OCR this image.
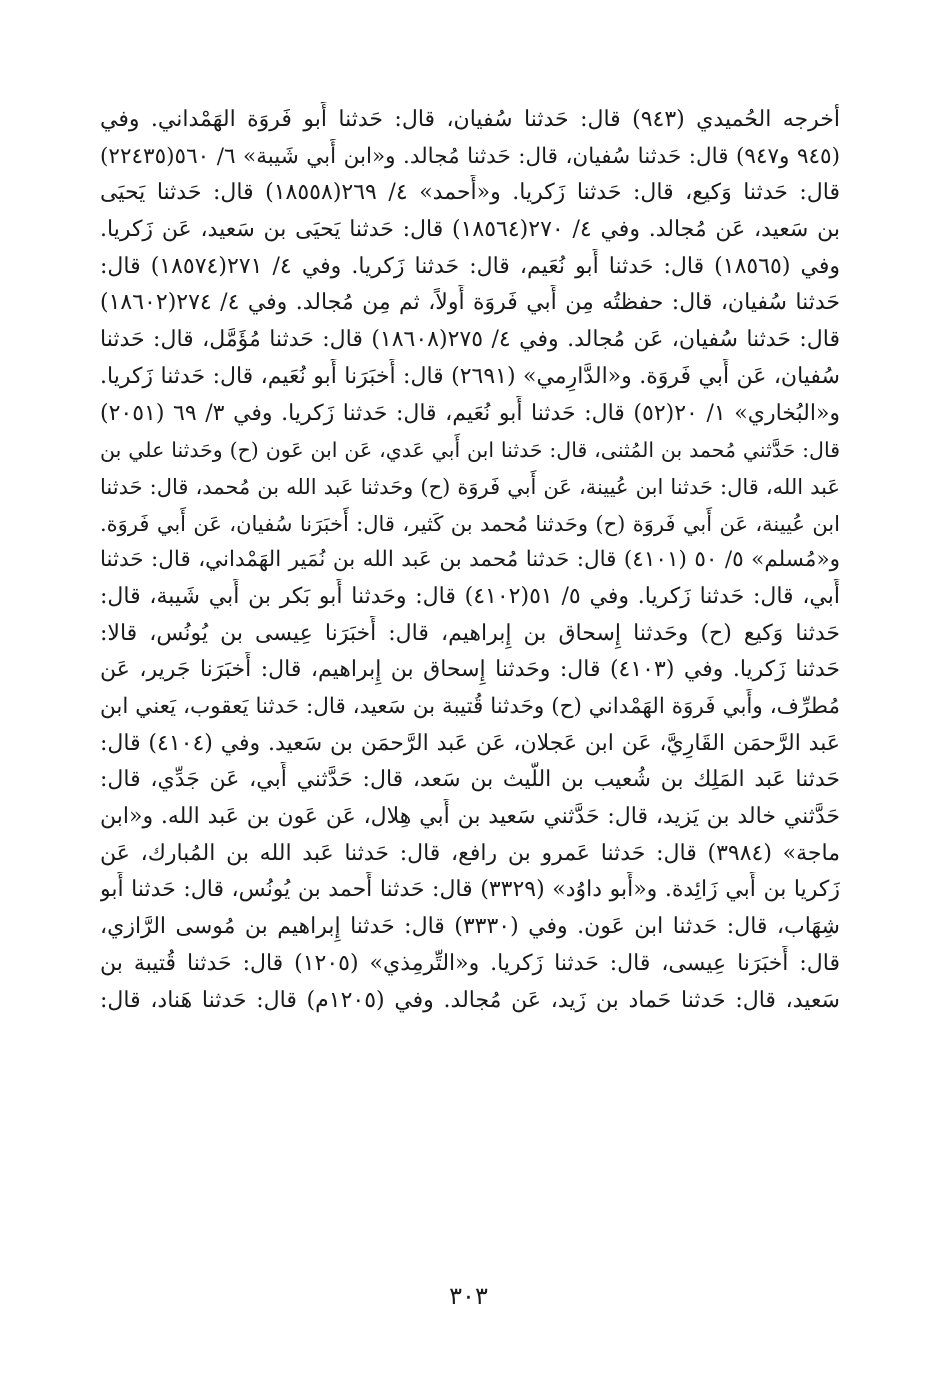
أخرجه الحُميدي (٩٤٣) قال: حَدثنا سُفيان، قال: حَدثنا أَبو فَروَة الهَمْداني. وفي
(٩٤٥ و٩٤٧) قال: حَدثنا سُفيان، قال: حَدثنا مُجالد. و«ابن أَبي شَيبة» ٦/ ٥٦٠(٢٢٤٣٥)
قال: حَدثنا وَكيع، قال: حَدثنا زَكريا. و«أَحمد» ٤/ ٢٦٩(١٨٥٥٨) قال: حَدثنا يَحيَى
بن سَعيد، عَن مُجالد. وفي ٤/ ٢٧٠(١٨٥٦٤) قال: حَدثنا يَحيَى بن سَعيد، عَن زَكريا.
وفي (١٨٥٦٥) قال: حَدثنا أَبو نُعَيم، قال: حَدثنا زَكريا. وفي ٤/ ٢٧١(١٨٥٧٤) قال:
حَدثنا سُفيان، قال: حفظتُه مِن أَبي فَروَة أَولاً، ثم مِن مُجالد. وفي ٤/ ٢٧٤(١٨٦٠٢)
قال: حَدثنا سُفيان، عَن مُجالد. وفي ٤/ ٢٧٥(١٨٦٠٨) قال: حَدثنا مُؤَمَّل، قال: حَدثنا
سُفيان، عَن أَبي فَروَة. و«الدَّارِمي» (٢٦٩١) قال: أَخبَرَنا أَبو نُعَيم، قال: حَدثنا زَكريا.
و«البُخاري» ١/ ٢٠(٥٢) قال: حَدثنا أَبو نُعَيم، قال: حَدثنا زَكريا. وفي ٣/ ٦٩ (٢٠٥١)
قال: حَدَّثني مُحمد بن المُثنى، قال: حَدثنا ابن أَبي عَدي، عَن ابن عَون (ح) وحَدثنا علي بن
عَبد الله، قال: حَدثنا ابن عُيينة، عَن أَبي فَروَة (ح) وحَدثنا عَبد الله بن مُحمد، قال: حَدثنا
ابن عُيينة، عَن أَبي فَروَة (ح) وحَدثنا مُحمد بن كَثير، قال: أَخبَرَنا سُفيان، عَن أَبي فَروَة.
و«مُسلم» ٥/ ٥٠ (٤١٠١) قال: حَدثنا مُحمد بن عَبد الله بن نُمَير الهَمْداني، قال: حَدثنا
أَبي، قال: حَدثنا زَكريا. وفي ٥/ ٥١(٤١٠٢) قال: وحَدثنا أَبو بَكر بن أَبي شَيبة، قال:
حَدثنا وَكيع (ح) وحَدثنا إِسحاق بن إِبراهيم، قال: أَخبَرَنا عِيسى بن يُونُس، قالا:
حَدثنا زَكريا. وفي (٤١٠٣) قال: وحَدثنا إِسحاق بن إِبراهيم، قال: أَخبَرَنا جَرير، عَن
مُطرِّف، وأَبي فَروَة الهَمْداني (ح) وحَدثنا قُتيبة بن سَعيد، قال: حَدثنا يَعقوب، يَعني ابن
عَبد الرَّحمَن القَارِيَّ، عَن ابن عَجلان، عَن عَبد الرَّحمَن بن سَعيد. وفي (٤١٠٤) قال:
حَدثنا عَبد المَلِك بن شُعيب بن اللَّيث بن سَعد، قال: حَدَّثني أَبي، عَن جَدِّي، قال:
حَدَّثني خالد بن يَزيد، قال: حَدَّثني سَعيد بن أَبي هِلال، عَن عَون بن عَبد الله. و«ابن
ماجة» (٣٩٨٤) قال: حَدثنا عَمرو بن رافع، قال: حَدثنا عَبد الله بن المُبارك، عَن
زَكريا بن أَبي زَائِدة. و«أَبو داوُد» (٣٣٢٩) قال: حَدثنا أَحمد بن يُونُس، قال: حَدثنا أَبو
شِهَاب، قال: حَدثنا ابن عَون. وفي (٣٣٣٠) قال: حَدثنا إِبراهيم بن مُوسى الرَّازي،
قال: أَخبَرَنا عِيسى، قال: حَدثنا زَكريا. و«التِّرمِذي» (١٢٠٥) قال: حَدثنا قُتيبة بن
سَعيد، قال: حَدثنا حَماد بن زَيد، عَن مُجالد. وفي (١٢٠٥م) قال: حَدثنا هَناد، قال:
٣٠٣
